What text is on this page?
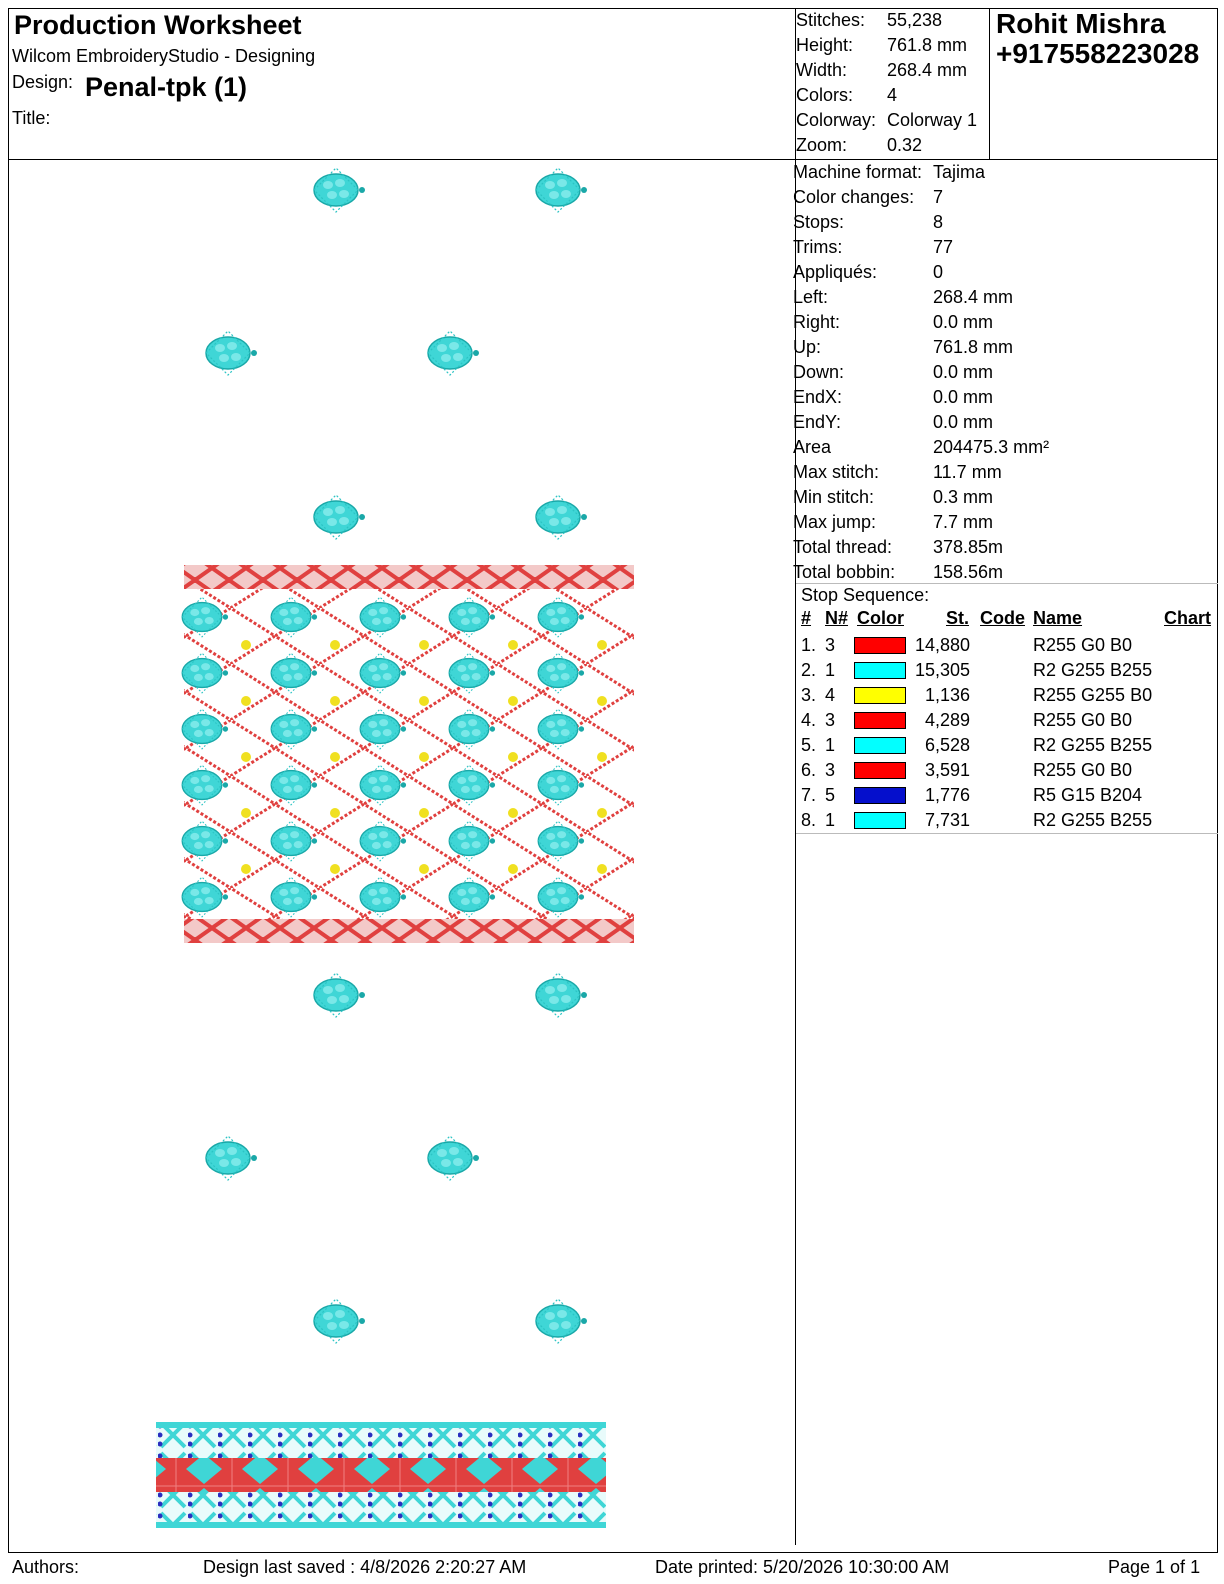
Production Worksheet
Wilcom EmbroideryStudio - Designing
Design: Penal-tpk (1)
Title:
Stitches: 55,238
Height: 761.8 mm
Width: 268.4 mm
Colors: 4
Colorway: Colorway 1
Zoom: 0.32
Rohit Mishra
+917558223028
Machine format: Tajima
Color changes: 7
Stops:	8
Trims:	77
Appliqués:	0
Left:	268.4 mm
Right:	0.0 mm
Up:	761.8 mm
Down:	0.0 mm
EndX:	0.0 mm
EndY:	0.0 mm
Area	204475.3 mm²
Max stitch:	11.7 mm
Min stitch:	0.3 mm
Max jump:	7.7 mm
Total thread: 378.85m
Total bobbin: 158.56m
Stop Sequence:
# N# Color St. Code Name	Chart
1. 3	14,880	R255 G0 B0
2. 1	15,305	R2 G255 B255
3. 4	1,136	R255 G255 B0
4. 3	4,289	R255 G0 B0
5. 1	6,528	R2 G255 B255
6. 3	3,591	R255 G0 B0
7. 5	1,776	R5 G15 B204
8. 1	7,731	R2 G255 B255
Authors:	Design last saved : 4/8/2026 2:20:27 AM	Date printed: 5/20/2026 10:30:00 AM	Page 1 of 1
